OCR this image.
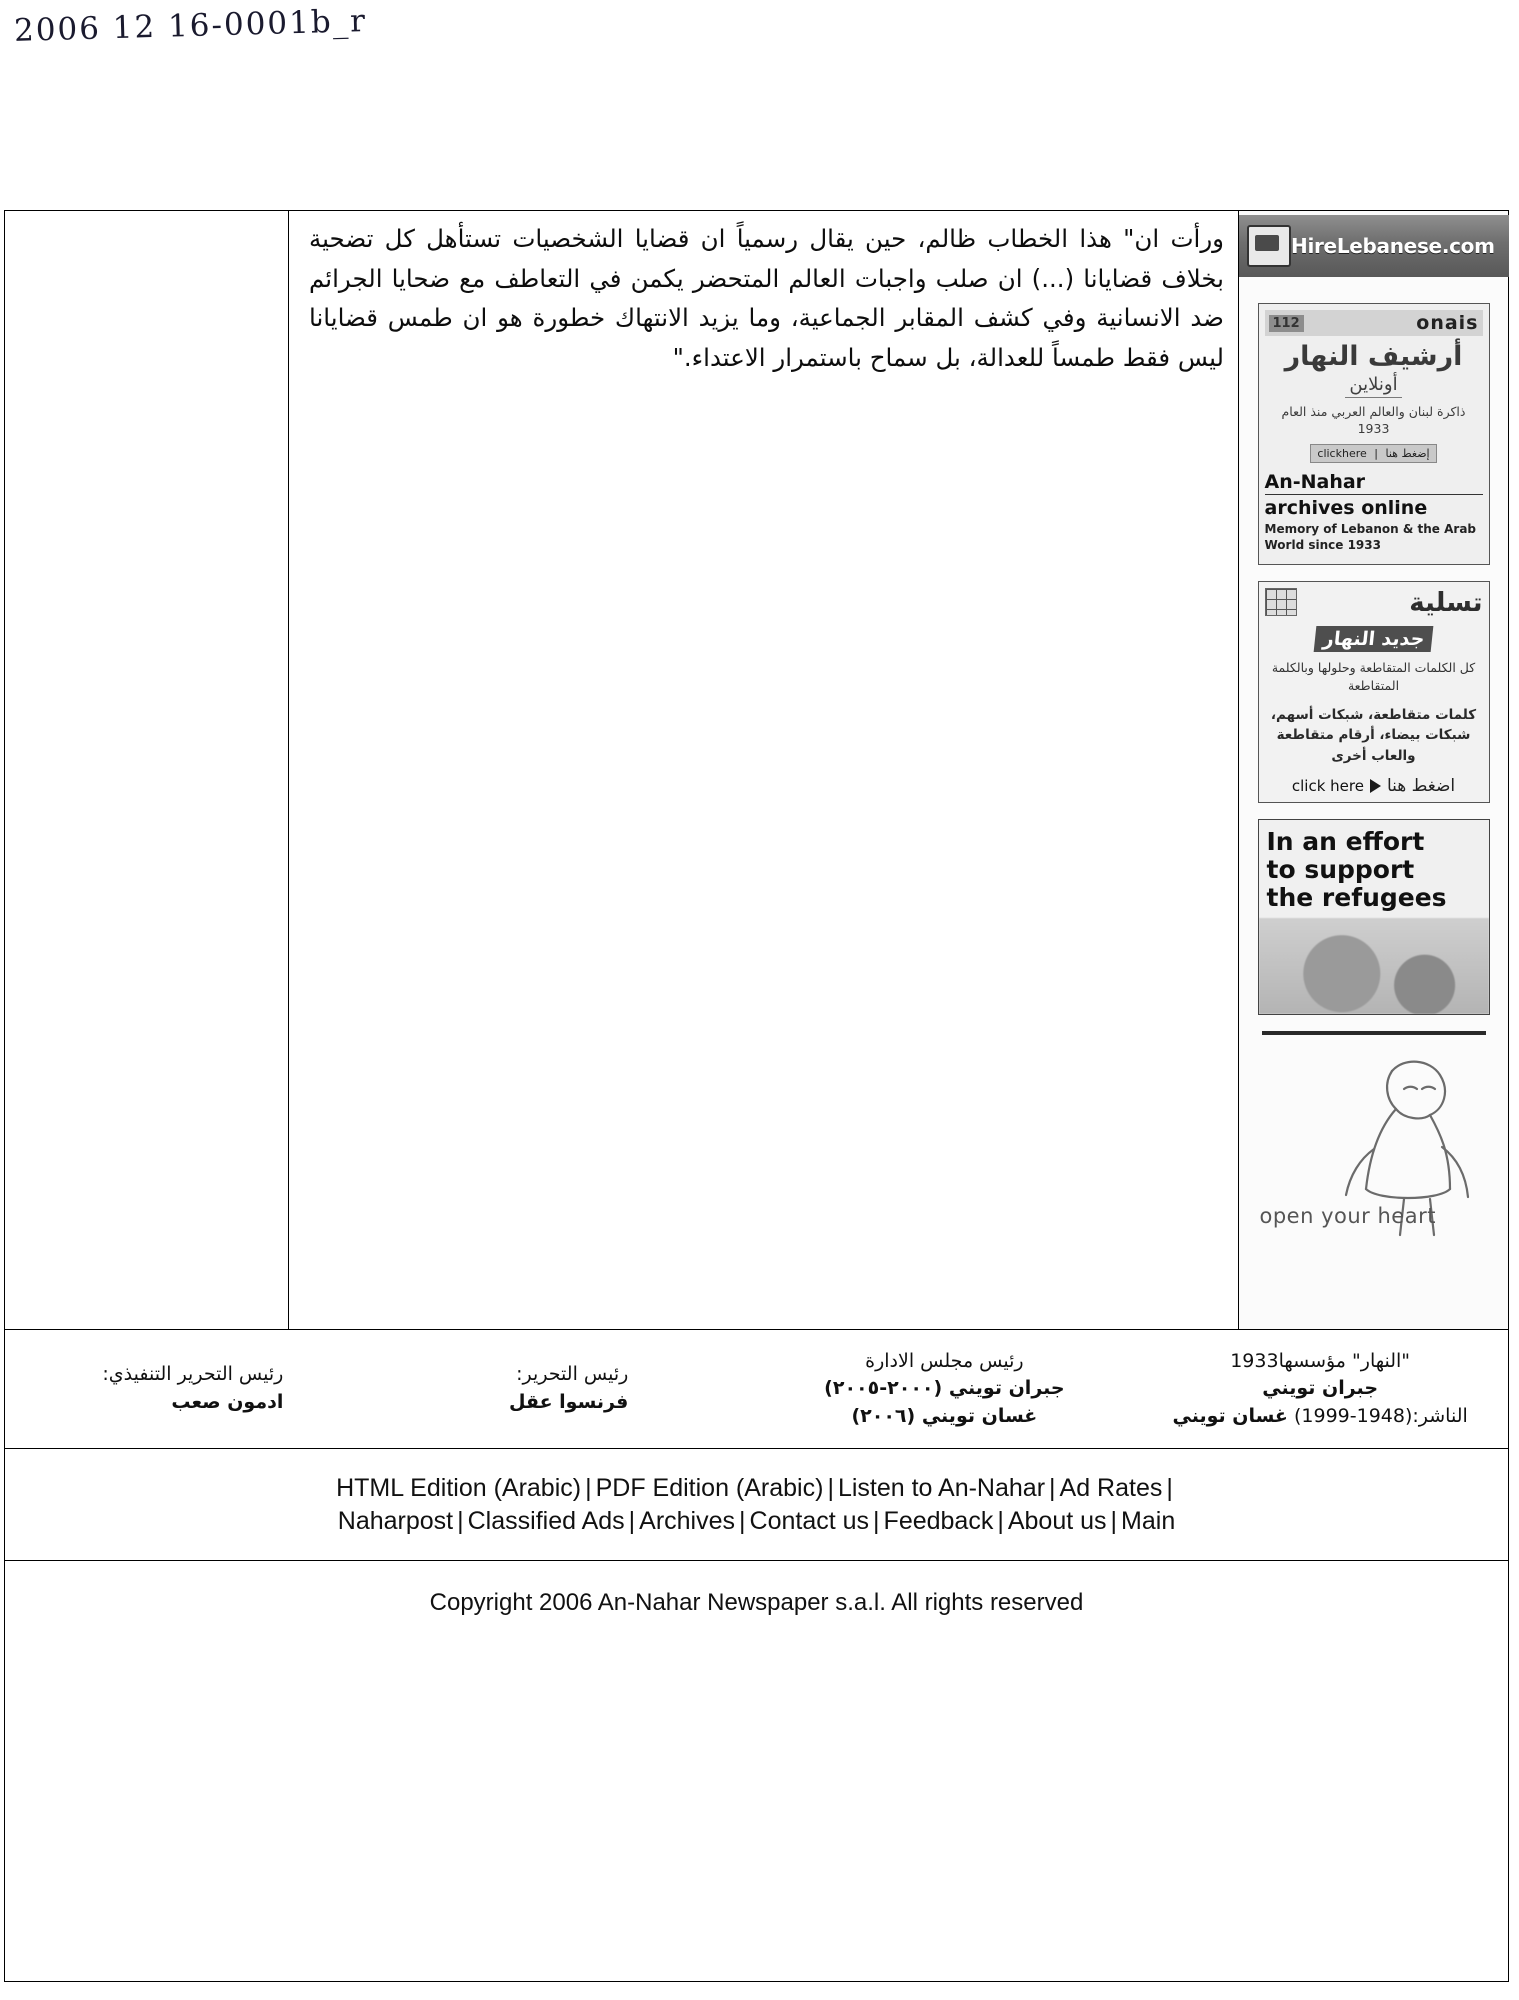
2006 12 16-0001b_r
ورأت ان" هذا الخطاب ظالم، حين يقال رسمياً ان قضايا الشخصيات تستأهل كل تضحية بخلاف قضايانا (...) ان صلب واجبات العالم المتحضر يكمن في التعاطف مع ضحايا الجرائم ضد الانسانية وفي كشف المقابر الجماعية، وما يزيد الانتهاك خطورة هو ان طمس قضايانا ليس فقط طمساً للعدالة، بل سماح باستمرار الاعتداء."
HireLebanese.com
112	onais
أرشيف النهار
أونلاين
ذاكرة لبنان والعالم العربي منذ العام 1933
إضغط هنا | clickhere
An-Nahar
archives online
Memory of Lebanon & the Arab World since 1933
تسلية
جديد النهار
كل الكلمات المتقاطعة وحلولها وبالكلمة المتقاطعة
كلمات متقاطعة، شبكات أسهم، شبكات بيضاء، أرقام متقاطعة والعاب أخرى
اضغط هنا
click here
In an effort
to support
the refugees
open your heart
"النهار" مؤسسها1933
جبران تويني
الناشر:(1948-1999) غسان تويني
رئيس مجلس الادارة
جبران تويني (٢٠٠٠-٢٠٠٥)
غسان تويني (٢٠٠٦)
رئيس التحرير:
فرنسوا عقل
رئيس التحرير التنفيذي:
ادمون صعب
HTML Edition (Arabic) | PDF Edition (Arabic) | Listen to An-Nahar | Ad Rates |
Naharpost | Classified Ads | Archives | Contact us | Feedback | About us | Main
Copyright 2006 An-Nahar Newspaper s.a.l. All rights reserved
